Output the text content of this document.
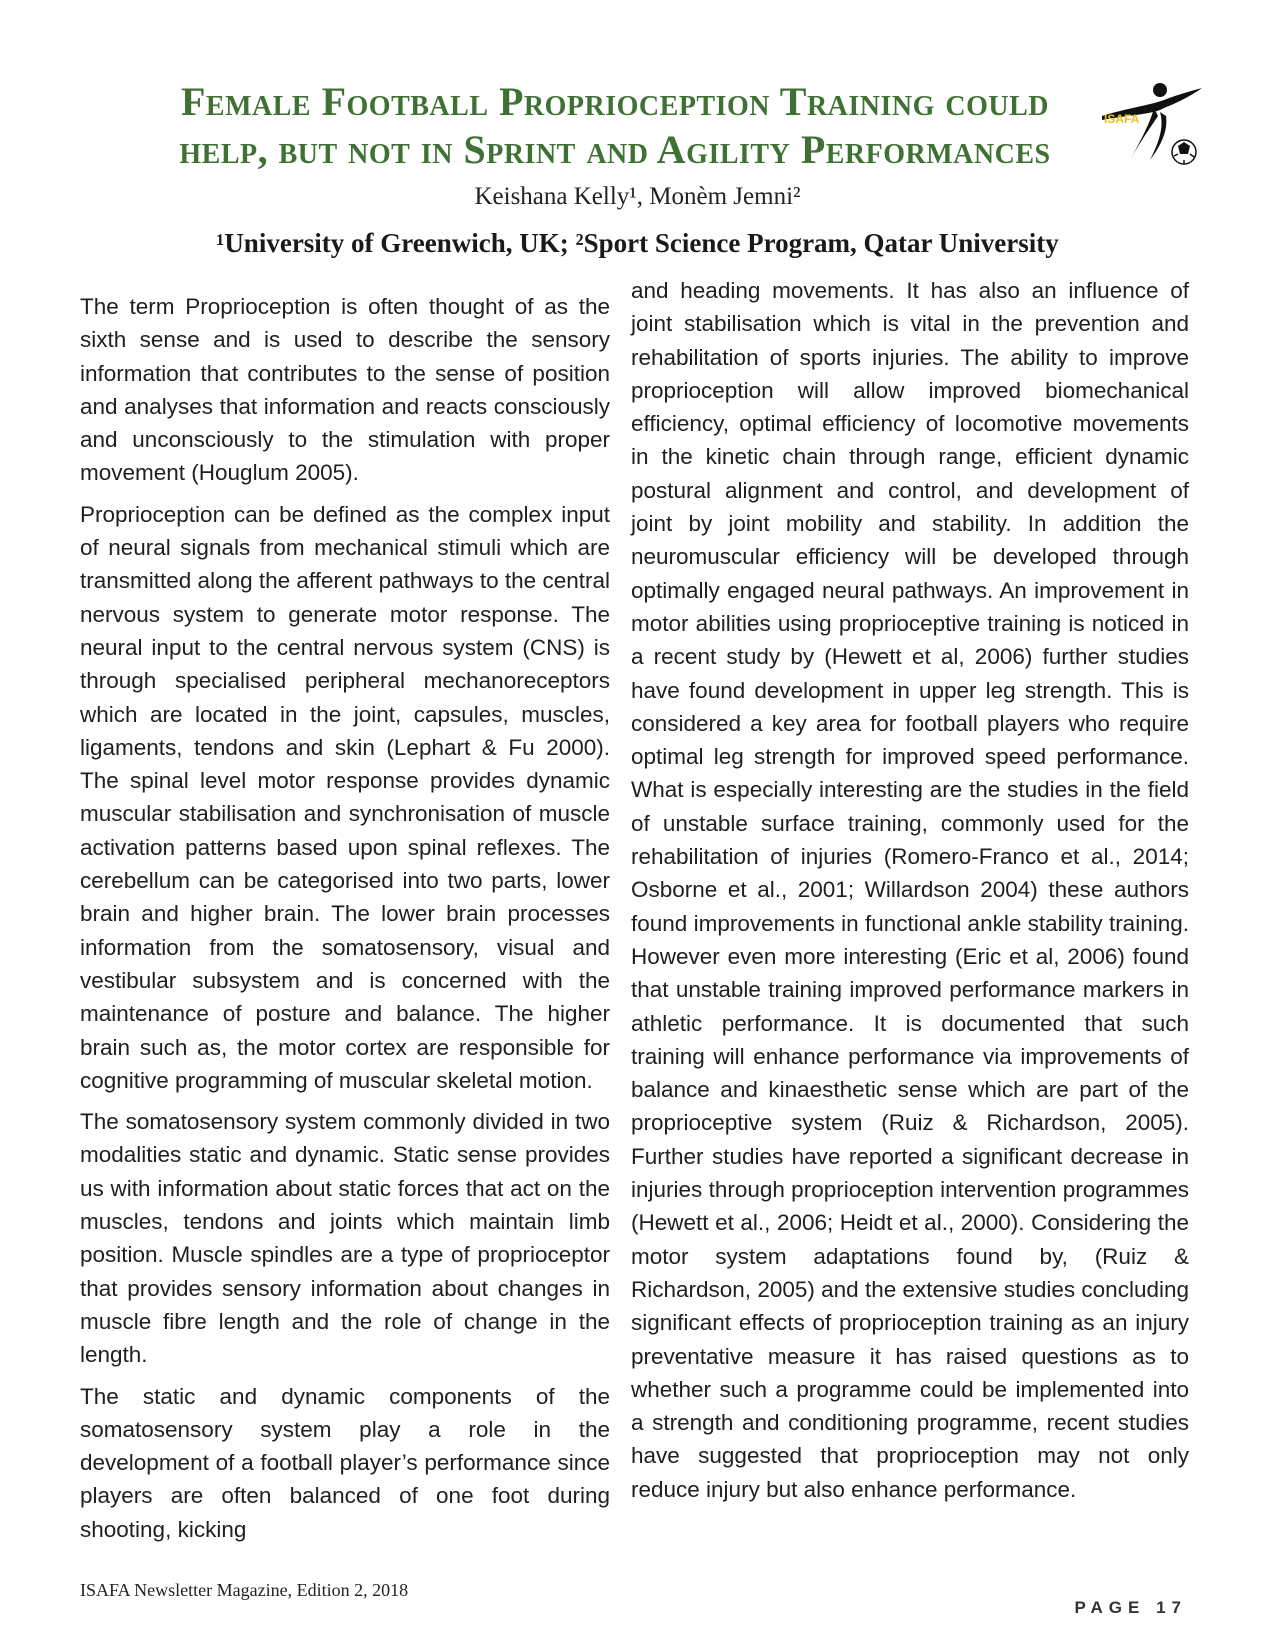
Female Football Proprioception Training could
help, but not in Sprint and Agility Performances
ISAFA
Keishana Kelly¹, Monèm Jemni²
¹University of Greenwich, UK; ²Sport Science Program, Qatar University

The term Proprioception is often thought of as the sixth sense and is used to describe the sensory information that contributes to the sense of position and analyses that information and reacts consciously and unconsciously to the stimulation with proper movement (Houglum 2005).

Proprioception can be defined as the complex input of neural signals from mechanical stimuli which are transmitted along the afferent pathways to the central nervous system to generate motor response. The neural input to the central nervous system (CNS) is through specialised peripheral mechanoreceptors which are located in the joint, capsules, muscles, ligaments, tendons and skin (Lephart & Fu 2000). The spinal level motor response provides dynamic muscular stabilisation and synchronisation of muscle activation patterns based upon spinal reflexes. The cerebellum can be categorised into two parts, lower brain and higher brain. The lower brain processes information from the somatosensory, visual and vestibular subsystem and is concerned with the maintenance of posture and balance. The higher brain such as, the motor cortex are responsible for cognitive programming of muscular skeletal motion.

The somatosensory system commonly divided in two modalities static and dynamic. Static sense provides us with information about static forces that act on the muscles, tendons and joints which maintain limb position. Muscle spindles are a type of proprioceptor that provides sensory information about changes in muscle fibre length and the role of change in the length.

The static and dynamic components of the somatosensory system play a role in the development of a football player’s performance since players are often balanced of one foot during shooting, kicking

and heading movements. It has also an influence of joint stabilisation which is vital in the prevention and rehabilitation of sports injuries. The ability to improve proprioception will allow improved biomechanical efficiency, optimal efficiency of locomotive movements in the kinetic chain through range, efficient dynamic postural alignment and control, and development of joint by joint mobility and stability. In addition the neuromuscular efficiency will be developed through optimally engaged neural pathways. An improvement in motor abilities using proprioceptive training is noticed in a recent study by (Hewett et al, 2006) further studies have found development in upper leg strength. This is considered a key area for football players who require optimal leg strength for improved speed performance. What is especially interesting are the studies in the field of unstable surface training, commonly used for the rehabilitation of injuries (Romero-Franco et al., 2014; Osborne et al., 2001; Willardson 2004) these authors found improvements in functional ankle stability training. However even more interesting (Eric et al, 2006) found that unstable training improved performance markers in athletic performance. It is documented that such training will enhance performance via improvements of balance and kinaesthetic sense which are part of the proprioceptive system (Ruiz & Richardson, 2005). Further studies have reported a significant decrease in injuries through proprioception intervention programmes (Hewett et al., 2006; Heidt et al., 2000). Considering the motor system adaptations found by, (Ruiz & Richardson, 2005) and the extensive studies concluding significant effects of proprioception training as an injury preventative measure it has raised questions as to whether such a programme could be implemented into a strength and conditioning programme, recent studies have suggested that proprioception may not only reduce injury but also enhance performance.

ISAFA Newsletter Magazine, Edition 2, 2018
PAGE 17
